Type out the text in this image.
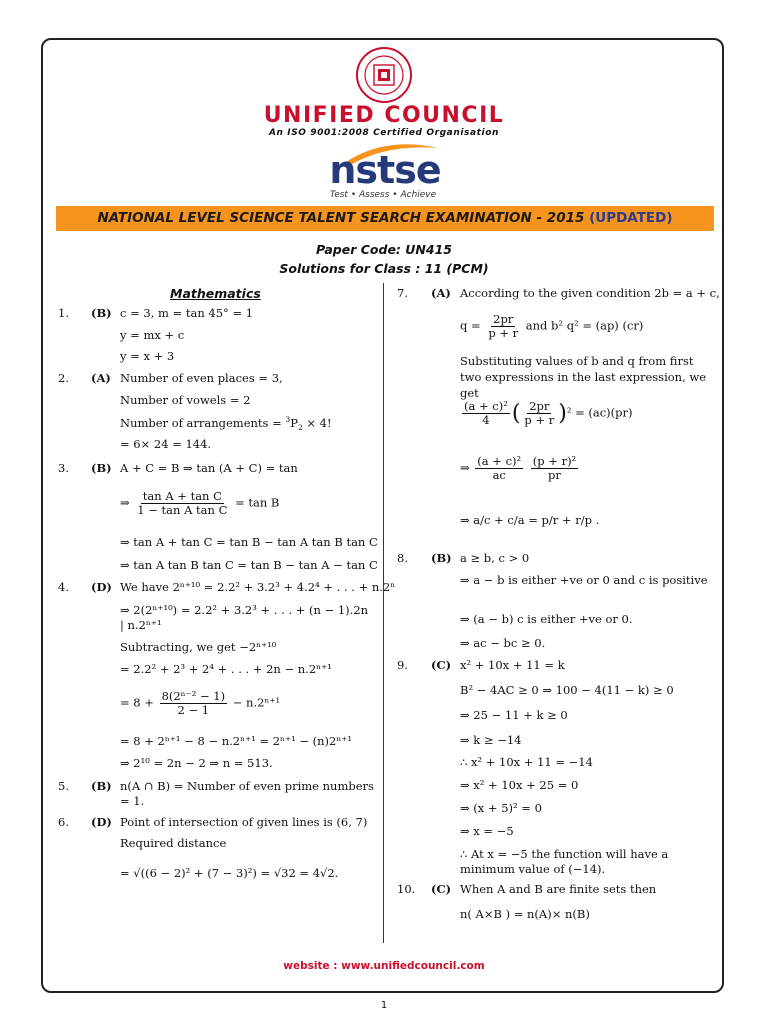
UNIFIED COUNCIL
An ISO 9001:2008 Certified Organisation
nstse
Test • Assess • Achieve
NATIONAL LEVEL SCIENCE TALENT SEARCH EXAMINATION - 2015 (UPDATED)
Paper Code: UN415
Solutions for Class : 11 (PCM)
Mathematics
1. (B) c = 3, m = tan 45° = 1
y = mx + c
y = x + 3
2. (A) Number of even places = 3,
Number of vowels = 2
Number of arrangements = $^3P_2 \times 4$!
= 6× 24 = 144.
3. (B) A + C = B ⇒ tan (A + C) = tan
⇒ $\frac{\text{tan A + tan C}}{\text{1 − tan A tan C}} = \tan B$
⇒ tan A + tan C = tan B − tan A tan B tan C
⇒ tan A tan B tan C = tan B − tan A − tan C
4. (D) We have 2ⁿ⁺¹⁰ = 2.2² + 3.2³ + 4.2⁴ + . . . + n.2ⁿ
⇒ 2(2ⁿ⁺¹⁰) = 2.2² + 3.2³ + . . . + (n − 1).2n
| n.2ⁿ⁺¹
Subtracting, we get −2ⁿ⁺¹⁰
= 2.2² + 2³ + 2⁴ + . . . + 2n − n.2ⁿ⁺¹
= $8 + \frac{\text{8(2ⁿ⁻² − 1)}}{2 - 1} - n.2^{n+1}$
= 8 + 2ⁿ⁺¹ − 8 − n.2ⁿ⁺¹ = 2ⁿ⁺¹ − (n)2ⁿ⁺¹
⇒ 2¹⁰ = 2n − 2 ⇒ n = 513.
5. (B) n(A ∩ B) = Number of even prime numbers
= 1.
6. (D) Point of intersection of given lines is (6, 7)
Required distance
= √((6 − 2)² + (7 − 3)²) = √32 = 4√2.
7. (A) According to the given condition 2b = a + c,
$q = \frac{2pr}{p + r}$ and b² q² = (ap) (cr)
Substituting values of b and q from first two expressions in the last expression, we get
$\frac{\text{(a + c)²}}{4}$ ( $\frac{2pr}{p + r} )^2 = (ac)(pr)$
⇒ $\frac{\text{(a + c)²}}{ac}$
$\frac{\text{(p + r)²}}{pr}$
⇒ a/c + c/a = p/r + r/p .
8. (B) a ≥ b, c > 0
⇒ a − b is either +ve or 0 and c is positive
⇒ (a − b) c is either +ve or 0.
⇒ ac − bc ≥ 0.
9. (C) x² + 10x + 11 = k
B² − 4AC ≥ 0 ⇒ 100 − 4(11 − k) ≥ 0
⇒ 25 − 11 + k ≥ 0
⇒ k ≥ −14
∴ x² + 10x + 11 = −14
⇒ x² + 10x + 25 = 0
⇒ (x + 5)² = 0
⇒ x = −5
∴ At x = −5 the function will have a minimum value of (−14).
10. (C) When A and B are finite sets then
n( A×B ) = n(A)× n(B)
website : www.unifiedcouncil.com
1
